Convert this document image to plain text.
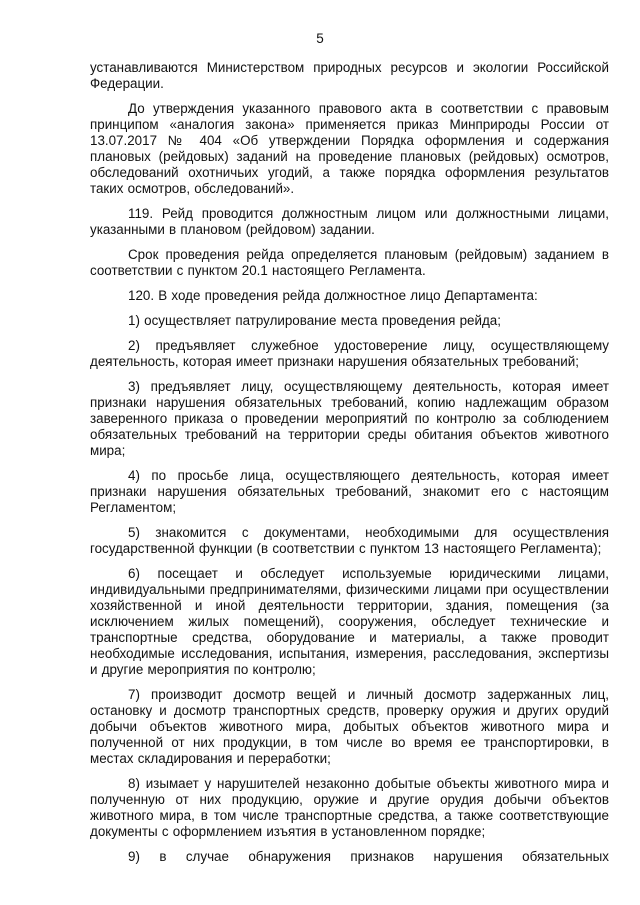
5

устанавливаются Министерством природных ресурсов и экологии Российской Федерации.

До утверждения указанного правового акта в соответствии с правовым принципом «аналогия закона» применяется приказ Минприроды России от 13.07.2017 № 404 «Об утверждении Порядка оформления и содержания плановых (рейдовых) заданий на проведение плановых (рейдовых) осмотров, обследований охотничьих угодий, а также порядка оформления результатов таких осмотров, обследований».

119. Рейд проводится должностным лицом или должностными лицами, указанными в плановом (рейдовом) задании.

Срок проведения рейда определяется плановым (рейдовым) заданием в соответствии с пунктом 20.1 настоящего Регламента.

120. В ходе проведения рейда должностное лицо Департамента:

1) осуществляет патрулирование места проведения рейда;

2) предъявляет служебное удостоверение лицу, осуществляющему деятельность, которая имеет признаки нарушения обязательных требований;

3) предъявляет лицу, осуществляющему деятельность, которая имеет признаки нарушения обязательных требований, копию надлежащим образом заверенного приказа о проведении мероприятий по контролю за соблюдением обязательных требований на территории среды обитания объектов животного мира;

4) по просьбе лица, осуществляющего деятельность, которая имеет признаки нарушения обязательных требований, знакомит его с настоящим Регламентом;

5) знакомится с документами, необходимыми для осуществления государственной функции (в соответствии с пунктом 13 настоящего Регламента);

6) посещает и обследует используемые юридическими лицами, индивидуальными предпринимателями, физическими лицами при осуществлении хозяйственной и иной деятельности территории, здания, помещения (за исключением жилых помещений), сооружения, обследует технические и транспортные средства, оборудование и материалы, а также проводит необходимые исследования, испытания, измерения, расследования, экспертизы и другие мероприятия по контролю;

7) производит досмотр вещей и личный досмотр задержанных лиц, остановку и досмотр транспортных средств, проверку оружия и других орудий добычи объектов животного мира, добытых объектов животного мира и полученной от них продукции, в том числе во время ее транспортировки, в местах складирования и переработки;

8) изымает у нарушителей незаконно добытые объекты животного мира и полученную от них продукцию, оружие и другие орудия добычи объектов животного мира, в том числе транспортные средства, а также соответствующие документы с оформлением изъятия в установленном порядке;

9) в случае обнаружения признаков нарушения обязательных
